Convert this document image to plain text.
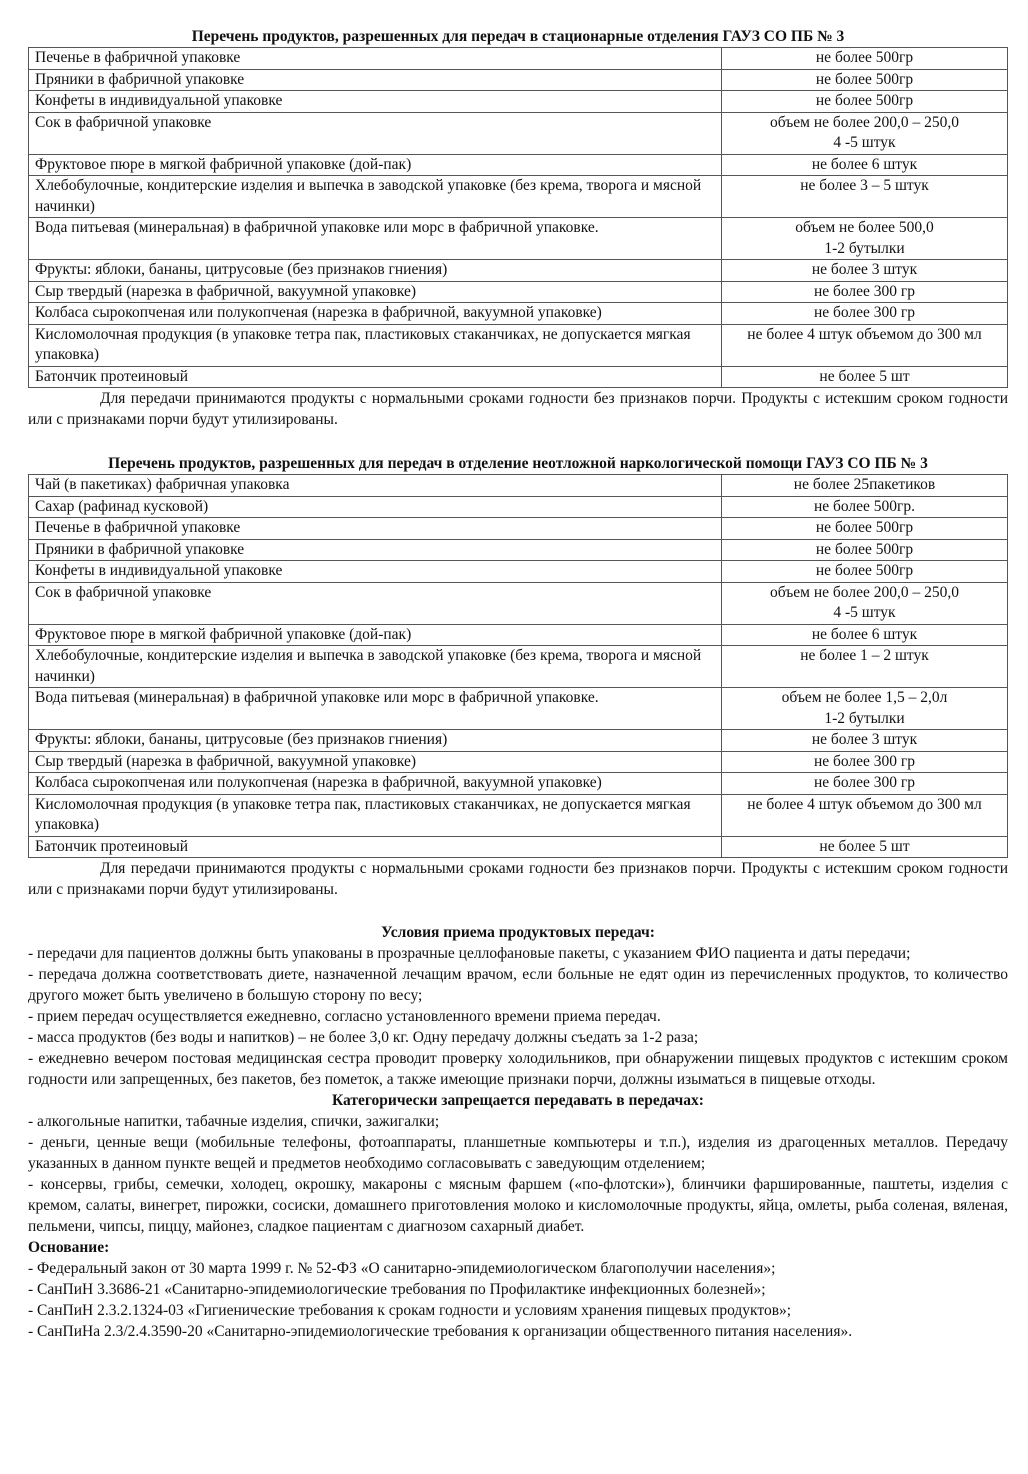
Перечень продуктов, разрешенных для передач в стационарные отделения ГАУЗ СО ПБ № 3
Печенье в фабричной упаковке	не более 500гр

Пряники в фабричной упаковке	не более 500гр

Конфеты в индивидуальной упаковке	не более 500гр

Сок в фабричной упаковке	объем не более 200,0 – 250,0
4 -5 штук

Фруктовое пюре в мягкой фабричной упаковке (дой-пак)	не более 6 штук

Хлебобулочные, кондитерские изделия и выпечка в заводской упаковке (без крема, творога и мясной начинки)	не более 3 – 5 штук

Вода питьевая (минеральная) в фабричной упаковке или морс в фабричной упаковке.	объем не более 500,0
1-2 бутылки

Фрукты: яблоки, бананы, цитрусовые (без признаков гниения)	не более 3 штук

Сыр твердый (нарезка в фабричной, вакуумной упаковке)	не более 300 гр

Колбаса сырокопченая или полукопченая (нарезка в фабричной, вакуумной упаковке)	не более 300 гр

Кисломолочная продукция (в упаковке тетра пак, пластиковых стаканчиках, не допускается мягкая упаковка)	не более 4 штук объемом до 300 мл

Батончик протеиновый	не более 5 шт

Для передачи принимаются продукты с нормальными сроками годности без признаков порчи. Продукты с истекшим сроком годности или с признаками порчи будут утилизированы.

Перечень продуктов, разрешенных для передач в отделение неотложной наркологической помощи ГАУЗ СО ПБ № 3
Чай (в пакетиках) фабричная упаковка	не более 25пакетиков

Сахар (рафинад кусковой)	не более 500гр.

Печенье в фабричной упаковке	не более 500гр

Пряники в фабричной упаковке	не более 500гр

Конфеты в индивидуальной упаковке	не более 500гр

Сок в фабричной упаковке	объем не более 200,0 – 250,0
4 -5 штук

Фруктовое пюре в мягкой фабричной упаковке (дой-пак)	не более 6 штук

Хлебобулочные, кондитерские изделия и выпечка в заводской упаковке (без крема, творога и мясной начинки)	не более 1 – 2 штук

Вода питьевая (минеральная) в фабричной упаковке или морс в фабричной упаковке.	объем не более 1,5 – 2,0л
1-2 бутылки

Фрукты: яблоки, бананы, цитрусовые (без признаков гниения)	не более 3 штук

Сыр твердый (нарезка в фабричной, вакуумной упаковке)	не более 300 гр

Колбаса сырокопченая или полукопченая (нарезка в фабричной, вакуумной упаковке)	не более 300 гр

Кисломолочная продукция (в упаковке тетра пак, пластиковых стаканчиках, не допускается мягкая упаковка)	не более 4 штук объемом до 300 мл

Батончик протеиновый	не более 5 шт

Для передачи принимаются продукты с нормальными сроками годности без признаков порчи. Продукты с истекшим сроком годности или с признаками порчи будут утилизированы.

Условия приема продуктовых передач:

- передачи для пациентов должны быть упакованы в прозрачные целлофановые пакеты, с указанием ФИО пациента и даты передачи;

- передача должна соответствовать диете, назначенной лечащим врачом, если больные не едят один из перечисленных продуктов, то количество другого может быть увеличено в большую сторону по весу;

- прием передач осуществляется ежедневно, согласно установленного времени приема передач.

- масса продуктов (без воды и напитков) – не более 3,0 кг. Одну передачу должны съедать за 1-2 раза;

- ежедневно вечером постовая медицинская сестра проводит проверку холодильников, при обнаружении пищевых продуктов с истекшим сроком годности или запрещенных, без пакетов, без пометок, а также имеющие признаки порчи, должны изыматься в пищевые отходы.

Категорически запрещается передавать в передачах:

- алкогольные напитки, табачные изделия, спички, зажигалки;

- деньги, ценные вещи (мобильные телефоны, фотоаппараты, планшетные компьютеры и т.п.), изделия из драгоценных металлов. Передачу указанных в данном пункте вещей и предметов необходимо согласовывать с заведующим отделением;

- консервы, грибы, семечки, холодец, окрошку, макароны с мясным фаршем («по-флотски»), блинчики фаршированные, паштеты, изделия с кремом, салаты, винегрет, пирожки, сосиски, домашнего приготовления молоко и кисломолочные продукты, яйца, омлеты, рыба соленая, вяленая, пельмени, чипсы, пиццу, майонез, сладкое пациентам с диагнозом сахарный диабет.

Основание:

- Федеральный закон от 30 марта 1999 г. № 52-ФЗ «О санитарно-эпидемиологическом благополучии населения»;

- СанПиН 3.3686-21 «Санитарно-эпидемиологические требования по Профилактике инфекционных болезней»;

- СанПиН 2.3.2.1324-03 «Гигиенические требования к срокам годности и условиям хранения пищевых продуктов»;

- СанПиНа 2.3/2.4.3590-20 «Санитарно-эпидемиологические требования к организации общественного питания населения».
